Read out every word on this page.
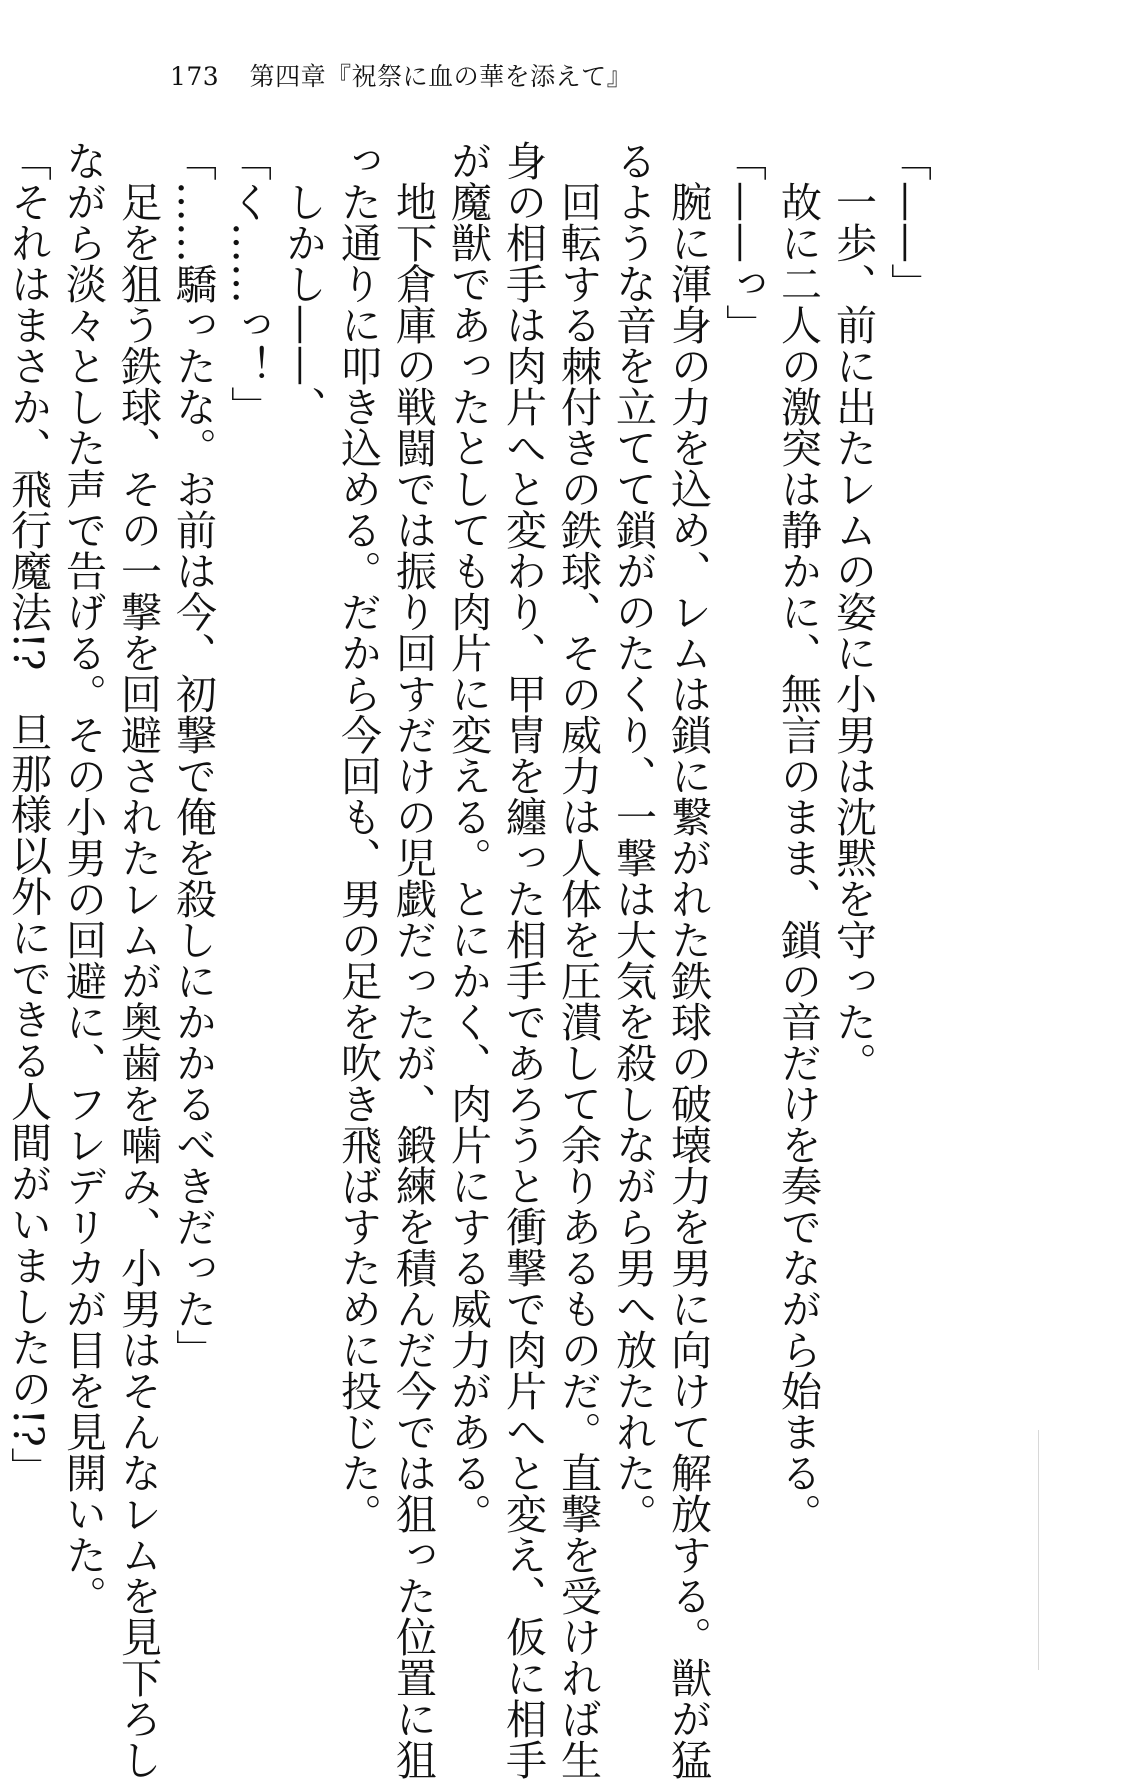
173 第四章『祝祭に血の華を添えて』

「——」

一歩、前に出たレムの姿に小男は沈黙を守った。

故に二人の激突は静かに、無言のまま、鎖の音だけを奏でながら始まる。

「——っ」

腕に渾身の力を込め、レムは鎖に繋がれた鉄球の破壊力を男に向けて解放する。獣が猛

るような音を立てて鎖がのたくり、一撃は大気を殺しながら男へ放たれた。

回転する棘付きの鉄球、その威力は人体を圧潰して余りあるものだ。直撃を受ければ生

身の相手は肉片へと変わり、甲冑を纏った相手であろうと衝撃で肉片へと変え、仮に相手

が魔獣であったとしても肉片に変える。とにかく、肉片にする威力がある。

地下倉庫の戦闘では振り回すだけの児戯だったが、鍛練を積んだ今では狙った位置に狙

った通りに叩き込める。だから今回も、男の足を吹き飛ばすために投じた。

しかし——、

「く……っ！」

「……驕ったな。お前は今、初撃で俺を殺しにかかるべきだった」

足を狙う鉄球、その一撃を回避されたレムが奥歯を噛み、小男はそんなレムを見下ろし

ながら淡々とした声で告げる。その小男の回避に、フレデリカが目を見開いた。

「それはまさか、飛行魔法!?　旦那様以外にできる人間がいましたの!?」
